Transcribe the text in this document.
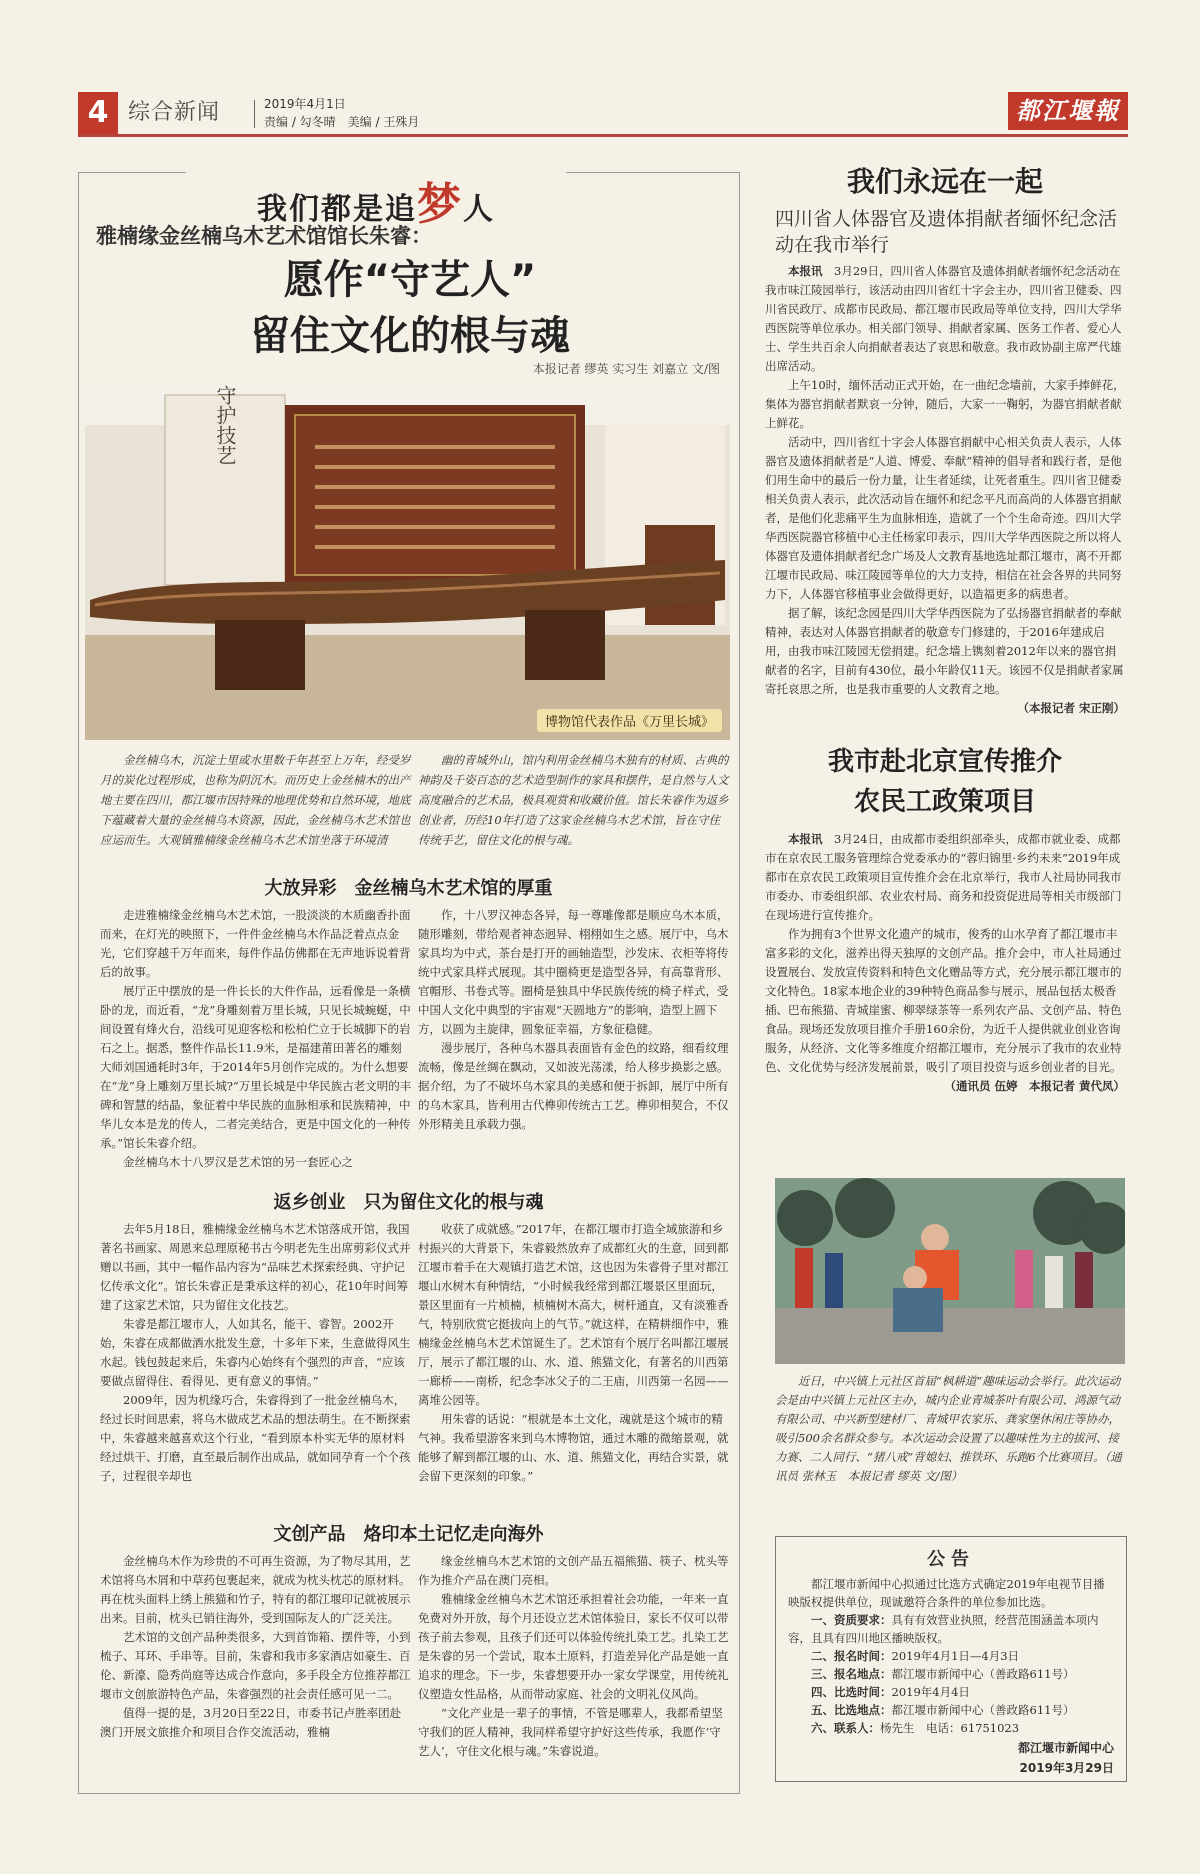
4 综合新闻	2019年4月1日
责编 / 勾冬晴　美编 / 王殊月	都江堰報
我们都是追梦人
雅楠缘金丝楠乌木艺术馆馆长朱睿：
愿作“守艺人”
留住文化的根与魂
本报记者 缪英 实习生 刘嘉立 文/图
守护技艺
博物馆代表作品《万里长城》
金丝楠乌木，沉淀土里或水里数千年甚至上万年，经受岁月的炭化过程形成，也称为阴沉木。而历史上金丝楠木的出产地主要在四川，都江堰市因特殊的地理优势和自然环境，地底下蕴藏着大量的金丝楠乌木资源，因此，金丝楠乌木艺术馆也应运而生。大观镇雅楠缘金丝楠乌木艺术馆坐落于环境清
幽的青城外山，馆内利用金丝楠乌木独有的材质、古典的神韵及千姿百态的艺术造型制作的家具和摆件，是自然与人文高度融合的艺术品，极具观赏和收藏价值。馆长朱睿作为返乡创业者，历经10年打造了这家金丝楠乌木艺术馆，旨在守住传统手艺，留住文化的根与魂。
大放异彩　金丝楠乌木艺术馆的厚重

走进雅楠缘金丝楠乌木艺术馆，一股淡淡的木质幽香扑面而来，在灯光的映照下，一件件金丝楠乌木作品泛着点点金光，它们穿越千万年而来，每件作品仿佛都在无声地诉说着背后的故事。

展厅正中摆放的是一件长长的大件作品，远看像是一条横卧的龙，而近看，“龙”身雕刻着万里长城，只见长城蜿蜒，中间设置有烽火台，沿线可见迎客松和松柏伫立于长城脚下的岩石之上。据悉，整件作品长11.9米，是福建莆田著名的雕刻大师刘国通耗时3年，于2014年5月创作完成的。为什么想要在“龙”身上雕刻万里长城?“万里长城是中华民族古老文明的丰碑和智慧的结晶，象征着中华民族的血脉相承和民族精神，中华儿女本是龙的传人，二者完美结合，更是中国文化的一种传承。”馆长朱睿介绍。

金丝楠乌木十八罗汉是艺术馆的另一套匠心之

作，十八罗汉神态各异，每一尊雕像都是顺应乌木本质，随形雕刻，带给观者神态迥异、栩栩如生之感。展厅中，乌木家具均为中式，茶台是打开的画轴造型，沙发床、衣柜等将传统中式家具样式展现。其中圈椅更是造型各异，有高靠背形、官帽形、书卷式等。圈椅是独具中华民族传统的椅子样式，受中国人文化中典型的宇宙观“天圆地方”的影响，造型上圆下方，以圆为主旋律，圆象征幸福，方象征稳健。

漫步展厅，各种乌木器具表面皆有金色的纹路，细看纹理流畅，像是丝绸在飘动，又如波光荡漾，给人移步换影之感。据介绍，为了不破坏乌木家具的美感和便于拆卸，展厅中所有的乌木家具，皆利用古代榫卯传统古工艺。榫卯相契合，不仅外形精美且承载力强。

返乡创业　只为留住文化的根与魂

去年5月18日，雅楠缘金丝楠乌木艺术馆落成开馆，我国著名书画家、周恩来总理原秘书古今明老先生出席剪彩仪式并赠以书画，其中一幅作品内容为“品味艺术探索经典、守护记忆传承文化”。馆长朱睿正是秉承这样的初心，花10年时间筹建了这家艺术馆，只为留住文化技艺。

朱睿是都江堰市人，人如其名，能干、睿智。2002开始，朱睿在成都做酒水批发生意，十多年下来，生意做得风生水起。钱包鼓起来后，朱睿内心始终有个强烈的声音，“应该要做点留得住、看得见、更有意义的事情。”

2009年，因为机缘巧合，朱睿得到了一批金丝楠乌木，经过长时间思索，将乌木做成艺术品的想法萌生。在不断探索中，朱睿越来越喜欢这个行业，“看到原本朴实无华的原材料经过烘干、打磨，直至最后制作出成品，就如同孕育一个个孩子，过程很辛却也

收获了成就感。”2017年，在都江堰市打造全域旅游和乡村振兴的大背景下，朱睿毅然放弃了成都红火的生意，回到都江堰市着手在大观镇打造艺术馆，这也因为朱睿骨子里对都江堰山水树木有种情结，“小时候我经常到都江堰景区里面玩，景区里面有一片桢楠，桢楠树木高大，树杆通直，又有淡雅香气，特别欣赏它挺拔向上的气节。”就这样，在精耕细作中，雅楠缘金丝楠乌木艺术馆诞生了。艺术馆有个展厅名叫都江堰展厅，展示了都江堰的山、水、道、熊猫文化，有著名的川西第一廊桥——南桥，纪念李冰父子的二王庙，川西第一名园——离堆公园等。

用朱睿的话说：“根就是本土文化，魂就是这个城市的精气神。我希望游客来到乌木博物馆，通过木雕的微缩景观，就能够了解到都江堰的山、水、道、熊猫文化，再结合实景，就会留下更深刻的印象。”

文创产品　烙印本土记忆走向海外

金丝楠乌木作为珍贵的不可再生资源，为了物尽其用，艺术馆将乌木屑和中草药包裹起来，就成为枕头枕芯的原材料。再在枕头面料上绣上熊猫和竹子，特有的都江堰印记就被展示出来。目前，枕头已销往海外，受到国际友人的广泛关注。

艺术馆的文创产品种类很多，大到首饰箱、摆件等，小到梳子、耳环、手串等。目前，朱睿和我市多家酒店如豪生、百伦、新濠、隐秀尚庭等达成合作意向，多手段全方位推荐都江堰市文创旅游特色产品，朱睿强烈的社会责任感可见一二。

值得一提的是，3月20日至22日，市委书记卢胜率团赴澳门开展文旅推介和项目合作交流活动，雅楠

缘金丝楠乌木艺术馆的文创产品五福熊猫、筷子、枕头等作为推介产品在澳门亮相。

雅楠缘金丝楠乌木艺术馆还承担着社会功能，一年来一直免费对外开放，每个月还设立艺术馆体验日，家长不仅可以带孩子前去参观，且孩子们还可以体验传统扎染工艺。扎染工艺是朱睿的另一个尝试，取本土原料，打造差异化产品是她一直追求的理念。下一步，朱睿想要开办一家女学课堂，用传统礼仪塑造女性品格，从而带动家庭、社会的文明礼仪风尚。

“文化产业是一辈子的事情，不管是哪辈人，我都希望坚守我们的匠人精神，我同样希望守护好这些传承，我愿作‘守艺人’，守住文化根与魂。”朱睿说道。

我们永远在一起
四川省人体器官及遗体捐献者缅怀纪念活动在我市举行

本报讯　 3月29日，四川省人体器官及遗体捐献者缅怀纪念活动在我市味江陵园举行，该活动由四川省红十字会主办，四川省卫健委、四川省民政厅、成都市民政局、都江堰市民政局等单位支持，四川大学华西医院等单位承办。相关部门领导、捐献者家属、医务工作者、爱心人士、学生共百余人向捐献者表达了哀思和敬意。我市政协副主席严代雄出席活动。

上午10时，缅怀活动正式开始，在一曲纪念墙前，大家手捧鲜花，集体为器官捐献者默哀一分钟，随后，大家一一鞠躬，为器官捐献者献上鲜花。

活动中，四川省红十字会人体器官捐献中心相关负责人表示，人体器官及遗体捐献者是“人道、博爱、奉献”精神的倡导者和践行者，是他们用生命中的最后一份力量，让生者延续，让死者重生。四川省卫健委相关负责人表示，此次活动旨在缅怀和纪念平凡而高尚的人体器官捐献者，是他们化悲痛平生为血脉相连，造就了一个个生命奇迹。四川大学华西医院器官移植中心主任杨家印表示，四川大学华西医院之所以将人体器官及遗体捐献者纪念广场及人文教育基地选址都江堰市，离不开都江堰市民政局、味江陵园等单位的大力支持，相信在社会各界的共同努力下，人体器官移植事业会做得更好，以造福更多的病患者。

据了解，该纪念园是四川大学华西医院为了弘扬器官捐献者的奉献精神，表达对人体器官捐献者的敬意专门修建的，于2016年建成启用，由我市味江陵园无偿捐建。纪念墙上镌刻着2012年以来的器官捐献者的名字，目前有430位，最小年龄仅11天。该园不仅是捐献者家属寄托哀思之所，也是我市重要的人文教育之地。

（本报记者 宋正刚）

我市赴北京宣传推介
农民工政策项目

本报讯　 3月24日，由成都市委组织部牵头，成都市就业委、成都市在京农民工服务管理综合党委承办的“蓉归锦里·乡约未来”2019年成都市在京农民工政策项目宣传推介会在北京举行，我市人社局协同我市市委办、市委组织部、农业农村局、商务和投资促进局等相关市级部门在现场进行宣传推介。

作为拥有3个世界文化遗产的城市，俊秀的山水孕育了都江堰市丰富多彩的文化，滋养出得天独厚的文创产品。推介会中，市人社局通过设置展台、发放宣传资料和特色文化赠品等方式，充分展示都江堰市的文化特色。18家本地企业的39种特色商品参与展示，展品包括太极香插、巴布熊猫、青城崖蜜、柳翠绿茶等一系列农产品、文创产品、特色食品。现场还发放项目推介手册160余份，为近千人提供就业创业咨询服务，从经济、文化等多维度介绍都江堰市，充分展示了我市的农业特色、文化优势与经济发展前景，吸引了项目投资与返乡创业者的目光。

（通讯员 伍婷　本报记者 黄代凤）

近日，中兴镇上元社区首届“枫耕道”趣味运动会举行。此次运动会是由中兴镇上元社区主办，城内企业青城茶叶有限公司、鸿源气动有限公司、中兴新型建材厂、青城甲农家乐、龚家堡休闲庄等协办，吸引500余名群众参与。本次运动会设置了以趣味性为主的拔河、接力赛、二人同行、“猪八戒”背媳妇、推铁环、乐跑6个比赛项目。（通讯员 张林玉　本报记者 缪英 文/图）
公告

都江堰市新闻中心拟通过比选方式确定2019年电视节目播映版权提供单位，现诚邀符合条件的单位参加比选。

一、资质要求：具有有效营业执照，经营范围涵盖本项内容，且具有四川地区播映版权。

二、报名时间：2019年4月1日—4月3日

三、报名地点：都江堰市新闻中心（善政路611号）

四、比选时间：2019年4月4日

五、比选地点：都江堰市新闻中心（善政路611号）

六、联系人：杨先生　电话：61751023

都江堰市新闻中心
2019年3月29日
